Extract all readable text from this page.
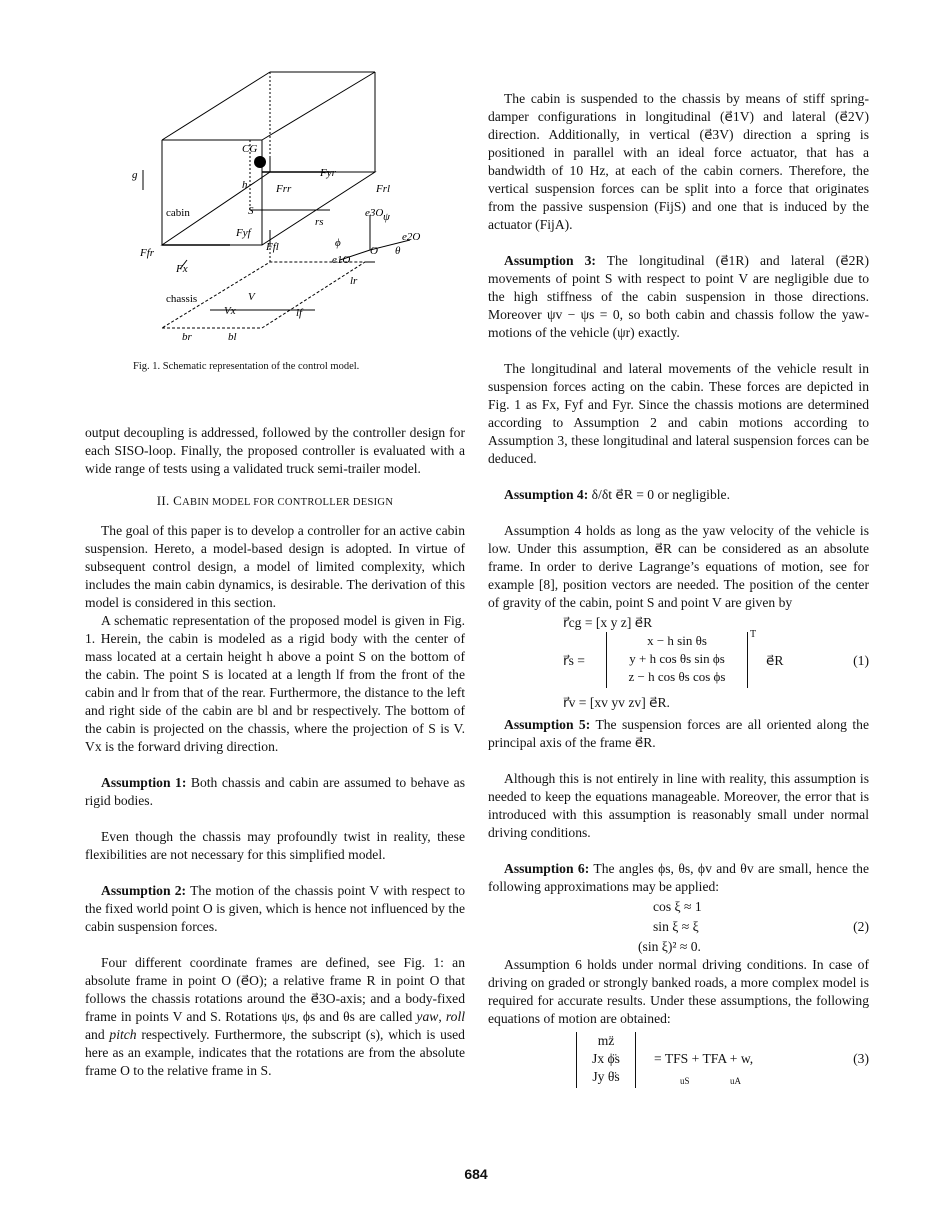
g
CG
h
cabin	S
Fyr
Frr	Frl
e3O ψ
rs
e2O
θ
O
ϕ
e1O
Ffr
Fyf
Ffl
Fx
chassis	V
Vx
lr
lf
br	bl
Fig. 1. Schematic representation of the control model.

output decoupling is addressed, followed by the controller design for each SISO-loop. Finally, the proposed controller is evaluated with a wide range of tests using a validated truck semi-trailer model.

II. CABIN MODEL FOR CONTROLLER DESIGN

The goal of this paper is to develop a controller for an active cabin suspension. Hereto, a model-based design is adopted. In virtue of subsequent control design, a model of limited complexity, which includes the main cabin dynamics, is desirable. The derivation of this model is considered in this section.

A schematic representation of the proposed model is given in Fig. 1. Herein, the cabin is modeled as a rigid body with the center of mass located at a certain height h above a point S on the bottom of the cabin. The point S is located at a length lf from the front of the cabin and lr from that of the rear. Furthermore, the distance to the left and right side of the cabin are bl and br respectively. The bottom of the cabin is projected on the chassis, where the projection of S is V. Vx is the forward driving direction.

Assumption 1: Both chassis and cabin are assumed to behave as rigid bodies.

Even though the chassis may profoundly twist in reality, these flexibilities are not necessary for this simplified model.

Assumption 2: The motion of the chassis point V with respect to the fixed world point O is given, which is hence not influenced by the cabin suspension forces.

Four different coordinate frames are defined, see Fig. 1: an absolute frame in point O (e⃗O); a relative frame R in point O that follows the chassis rotations around the e⃗3O-axis; and a body-fixed frame in points V and S. Rotations ψs, ϕs and θs are called yaw, roll and pitch respectively. Furthermore, the subscript (s), which is used here as an example, indicates that the rotations are from the absolute frame O to the relative frame in S.

The cabin is suspended to the chassis by means of stiff spring-damper configurations in longitudinal (e⃗1V) and lateral (e⃗2V) direction. Additionally, in vertical (e⃗3V) direction a spring is positioned in parallel with an ideal force actuator, that has a bandwidth of 10 Hz, at each of the cabin corners. Therefore, the vertical suspension forces can be split into a force that originates from the passive suspension (FijS) and one that is induced by the actuator (FijA).

Assumption 3: The longitudinal (e⃗1R) and lateral (e⃗2R) movements of point S with respect to point V are negligible due to the high stiffness of the cabin suspension in those directions. Moreover ψv − ψs = 0, so both cabin and chassis follow the yaw-motions of the vehicle (ψr) exactly.

The longitudinal and lateral movements of the vehicle result in suspension forces acting on the cabin. These forces are depicted in Fig. 1 as Fx, Fyf and Fyr. Since the chassis motions are determined according to Assumption 2 and cabin motions according to Assumption 3, these longitudinal and lateral suspension forces can be deduced.

Assumption 4: δ/δt e⃗R = 0 or negligible.

Assumption 4 holds as long as the yaw velocity of the vehicle is low. Under this assumption, e⃗R can be considered as an absolute frame. In order to derive Lagrange’s equations of motion, see for example [8], position vectors are needed. The position of the center of gravity of the cabin, point S and point V are given by

r⃗cg = [x y z] e⃗R
r⃗s =
x − h sin θs
y + h cos θs sin ϕs
z − h cos θs cos ϕs
T
e⃗R
r⃗v = [xv yv zv] e⃗R.
(1)

Assumption 5: The suspension forces are all oriented along the principal axis of the frame e⃗R.

Although this is not entirely in line with reality, this assumption is needed to keep the equations manageable. Moreover, the error that is introduced with this assumption is reasonably small under normal driving conditions.

Assumption 6: The angles ϕs, θs, ϕv and θv are small, hence the following approximations may be applied:

cos ξ ≈ 1
sin ξ ≈ ξ
(sin ξ)² ≈ 0.
(2)

Assumption 6 holds under normal driving conditions. In case of driving on graded or strongly banked roads, a more complex model is required for accurate results. Under these assumptions, the following equations of motion are obtained:

mz̈
Jx ϕ̈s
Jy θ̈s
= TFS + TFA + w,
uS	uA
(3)
684
